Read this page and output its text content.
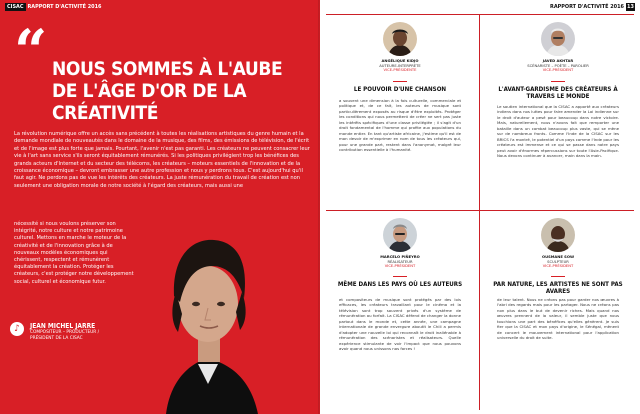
CISAC RAPPORT D'ACTIVITÉ 2016
“ NOUS SOMMES À L'AUBE DE L'ÂGE D'OR DE LA CRÉATIVITÉ

La révolution numérique offre un accès sans précédent à toutes les réalisations artistiques du genre humain et la demande mondiale de nouveautés dans le domaine de la musique, des films, des émissions de télévision, de l'écrit et de l'image est plus forte que jamais. Pourtant, l'avenir n'est pas garanti. Les créateurs ne peuvent consacrer leur vie à l'art sans service s'ils seront équitablement rémunérés. Si les politiques privilégient trop les bénéfices des grands acteurs d'Internet et du secteur des télécoms, les créateurs – moteurs essentiels de l'innovation et de la croissance économique – devront embrasser une autre profession et nous y perdrons tous. C'est aujourd'hui qu'il faut agir. Ne perdons pas de vue les intérêts des créateurs. La juste rémunération du travail de création est non seulement une obligation morale de notre société à l'égard des créateurs, mais aussi une

nécessité si nous voulons préserver son intégrité, notre culture et notre patrimoine culturel. Mettons en marche le moteur de la créativité et de l'innovation grâce à de nouveaux modèles économiques qui chérissent, respectent et rémunèrent équitablement la création. Protéger les créateurs, c'est protéger notre développement social, culturel et économique futur.

♪	JEAN MICHEL JARRE

COMPOSITEUR – PRODUCTEUR / PRÉSIDENT DE LA CISAC

RAPPORT D'ACTIVITÉ 2016 13

ANGÉLIQUE KIDJO
AUTEURE-INTERPRÈTE
VICE-PRÉSIDENTE

LE POUVOIR D'UNE CHANSON

a souvent une dimension à la fois culturelle, commerciale et politique et, de ce fait, les auteurs de musique sont particulièrement exposés au risque d'être exploités. Protéger les conditions qui nous permettent de créer ne sert pas juste les intérêts spécifiques d'une classe privilégiée ; il s'agit d'un droit fondamental de l'homme qui profite aux populations du monde entier. En tant qu'artiste africaine, j'estime qu'il est de mon devoir de m'exprimer en nom de tous les créateurs qui, pour une grande part, restent dans l'anonymat, malgré leur contribution essentielle à l'humanité.

JAVED AKHTAR
SCÉNARISTE – POÈTE – PAROLIER
VICE-PRÉSIDENT

L'AVANT-GARDISME DES CRÉATEURS À TRAVERS LE MONDE

Le soutien international que la CISAC a apporté aux créateurs indiens dans nos luttes pour faire amender la Loi indienne sur le droit d'auteur a pesé pour beaucoup dans notre victoire. Mais, naturellement, nous n'avons fait que remporter une bataille dans un combat beaucoup plus vaste, qui se mène sur de nombreux fronts. Comme l'Inde de la CISAC sur les BRICS l'a montré, le potentiel d'un pays comme l'Inde pour les créateurs est immense et ce qui se passe dans notre pays peut avoir d'énormes répercussions sur toute l'Asie-Pacifique. Nous devons continuer à avancer, main dans la main.

MARCELO PIÑEYRO
RÉALISATEUR
VICE-PRÉSIDENT

MÊME DANS LES PAYS OÙ LES AUTEURS

et compositeurs de musique sont protégés par des lois efficaces, les créateurs travaillant pour le cinéma et la télévision sont trop souvent privés d'un système de rémunération au forfait. La CISAC défend de changer la donne partout dans le monde et, cette année, une campagne internationale de grande envergure aboutit le Chili a permis d'adopter une nouvelle loi qui reconnaît le droit inaliénable à rémunération des scénaristes et réalisateurs. Quelle expérience stimulante de voir l'impact que nous pouvons avoir quand nous unissons nos forces !

OUSMANE SOW
SCULPTEUR
VICE-PRÉSIDENT

PAR NATURE, LES ARTISTES NE SONT PAS AVARES

de leur talent. Nous ne créons pas pour garder nos œuvres à l'abri des regards mais pour les partager. Nous ne créons pas non plus dans le but de devenir riches. Mais quand nos œuvres prennent de la valeur, il semble juste que nous touchions une part des bénéfices qu'elles génèrent. Je suis fier que la CISAC et mon pays d'origine, le Sénégal, mènent de concert le mouvement international pour l'application universelle du droit de suite.
